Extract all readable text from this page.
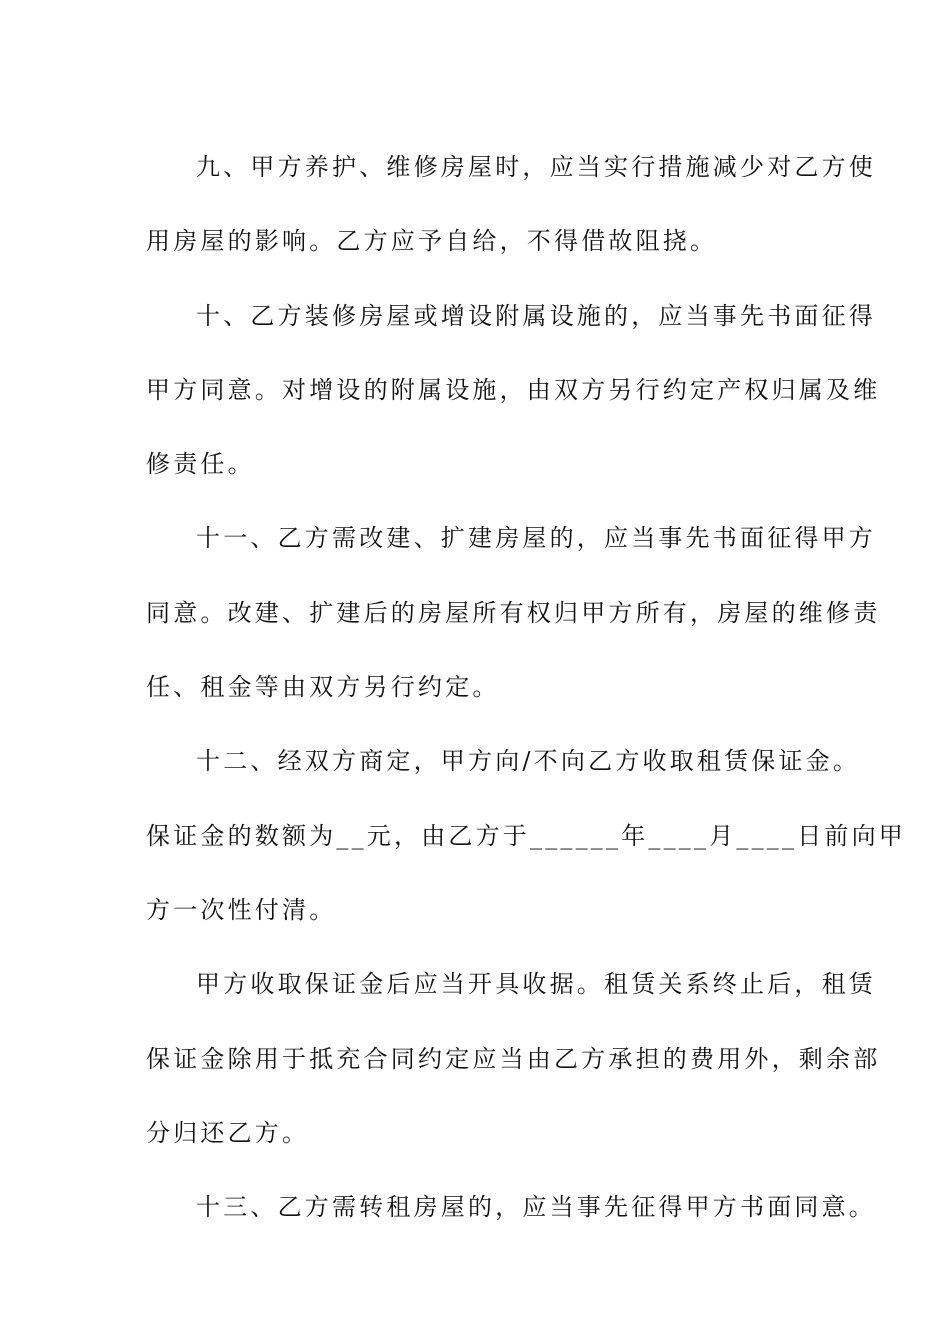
九、甲方养护、维修房屋时，应当实行措施减少对乙方使
用房屋的影响。乙方应予自给，不得借故阻挠。
十、乙方装修房屋或增设附属设施的，应当事先书面征得
甲方同意。对增设的附属设施，由双方另行约定产权归属及维
修责任。
十一、乙方需改建、扩建房屋的，应当事先书面征得甲方
同意。改建、扩建后的房屋所有权归甲方所有，房屋的维修责
任、租金等由双方另行约定。
十二、经双方商定，甲方向/不向乙方收取租赁保证金。
保证金的数额为__元，由乙方于______年____月____日前向甲
方一次性付清。
甲方收取保证金后应当开具收据。租赁关系终止后，租赁
保证金除用于抵充合同约定应当由乙方承担的费用外，剩余部
分归还乙方。
十三、乙方需转租房屋的，应当事先征得甲方书面同意。
